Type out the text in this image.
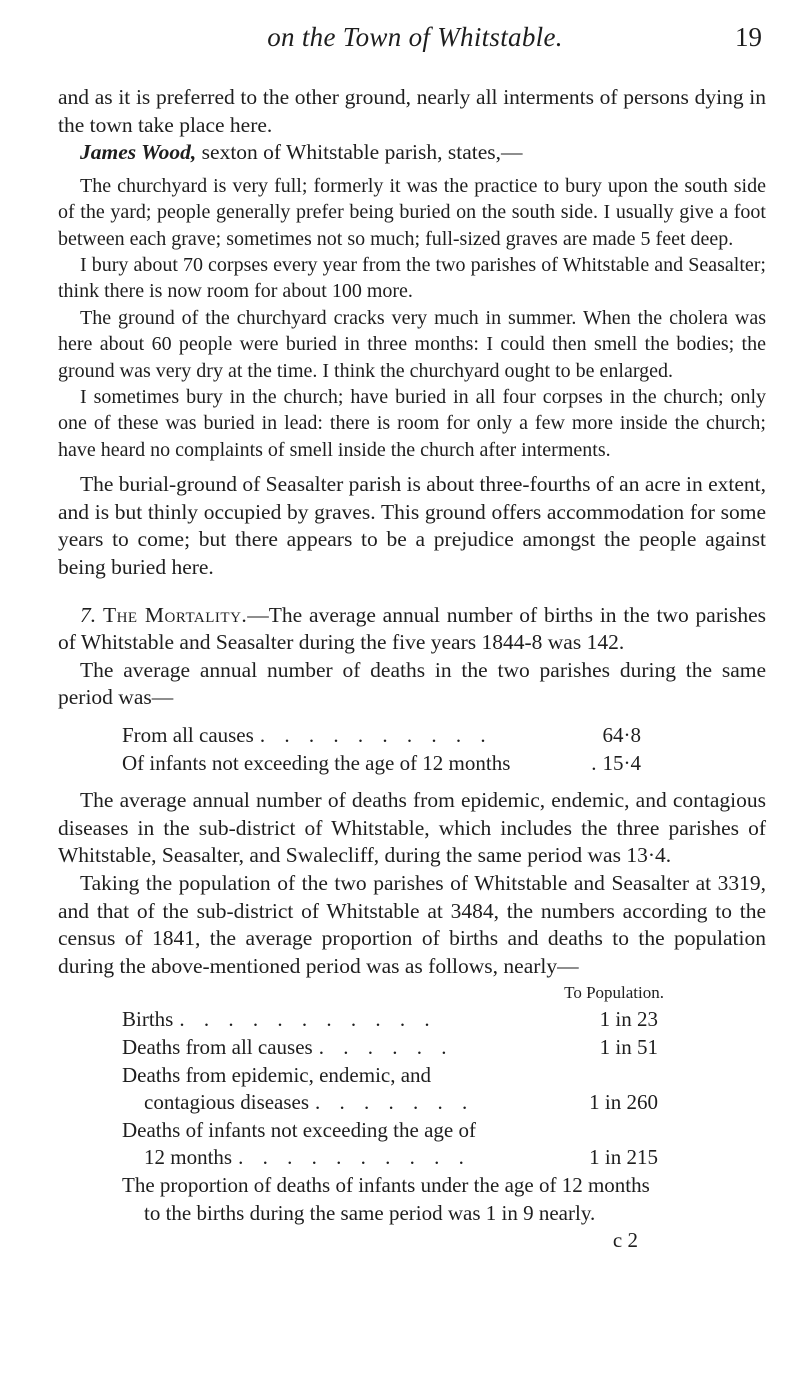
on the Town of Whitstable.	19

and as it is preferred to the other ground, nearly all interments of persons dying in the town take place here.

James Wood, sexton of Whitstable parish, states,—

The churchyard is very full; formerly it was the practice to bury upon the south side of the yard; people generally prefer being buried on the south side. I usually give a foot between each grave; sometimes not so much; full-sized graves are made 5 feet deep.

I bury about 70 corpses every year from the two parishes of Whitstable and Seasalter; think there is now room for about 100 more.

The ground of the churchyard cracks very much in summer. When the cholera was here about 60 people were buried in three months: I could then smell the bodies; the ground was very dry at the time. I think the churchyard ought to be enlarged.

I sometimes bury in the church; have buried in all four corpses in the church; only one of these was buried in lead: there is room for only a few more inside the church; have heard no complaints of smell inside the church after interments.

The burial-ground of Seasalter parish is about three-fourths of an acre in extent, and is but thinly occupied by graves. This ground offers accommodation for some years to come; but there appears to be a prejudice amongst the people against being buried here.

7. The Mortality.—The average annual number of births in the two parishes of Whitstable and Seasalter during the five years 1844-8 was 142.

The average annual number of deaths in the two parishes during the same period was—

From all causes . . . . . . . . . .	64·8
Of infants not exceeding the age of 12 months	. 15·4

The average annual number of deaths from epidemic, endemic, and contagious diseases in the sub-district of Whitstable, which includes the three parishes of Whitstable, Seasalter, and Swalecliff, during the same period was 13·4.

Taking the population of the two parishes of Whitstable and Seasalter at 3319, and that of the sub-district of Whitstable at 3484, the numbers according to the census of 1841, the average proportion of births and deaths to the population during the above-mentioned period was as follows, nearly—

To Population.
Births . . . . . . . . . . .	1 in 23
Deaths from all causes . . . . . .	1 in 51
Deaths from epidemic, endemic, and
contagious diseases . . . . . . .	1 in 260
Deaths of infants not exceeding the age of
12 months . . . . . . . . . .	1 in 215
The proportion of deaths of infants under the age of 12 months
to the births during the same period was 1 in 9 nearly.
c 2
